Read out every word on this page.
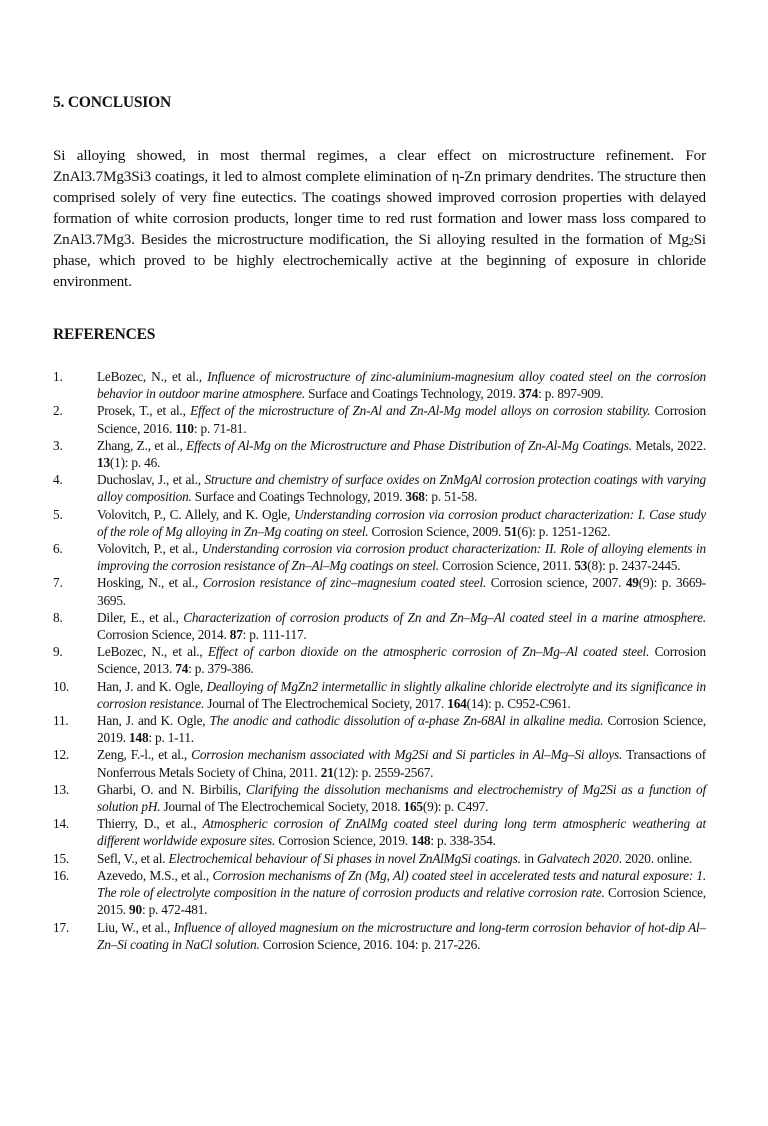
5. CONCLUSION

Si alloying showed, in most thermal regimes, a clear effect on microstructure refinement. For ZnAl3.7Mg3Si3 coatings, it led to almost complete elimination of η-Zn primary dendrites. The structure then comprised solely of very fine eutectics. The coatings showed improved corrosion properties with delayed formation of white corrosion products, longer time to red rust formation and lower mass loss compared to ZnAl3.7Mg3. Besides the microstructure modification, the Si alloying resulted in the formation of $Mg_2Si$ phase, which proved to be highly electrochemically active at the beginning of exposure in chloride environment.

REFERENCES
1.	LeBozec, N., et al., Influence of microstructure of zinc-aluminium-magnesium alloy coated steel on the corrosion behavior in outdoor marine atmosphere. Surface and Coatings Technology, 2019. 374: p. 897-909.
2.	Prosek, T., et al., Effect of the microstructure of Zn-Al and Zn-Al-Mg model alloys on corrosion stability. Corrosion Science, 2016. 110: p. 71-81.
3.	Zhang, Z., et al., Effects of Al-Mg on the Microstructure and Phase Distribution of Zn-Al-Mg Coatings. Metals, 2022. 13(1): p. 46.
4.	Duchoslav, J., et al., Structure and chemistry of surface oxides on ZnMgAl corrosion protection coatings with varying alloy composition. Surface and Coatings Technology, 2019. 368: p. 51-58.
5.	Volovitch, P., C. Allely, and K. Ogle, Understanding corrosion via corrosion product characterization: I. Case study of the role of Mg alloying in Zn–Mg coating on steel. Corrosion Science, 2009. 51(6): p. 1251-1262.
6.	Volovitch, P., et al., Understanding corrosion via corrosion product characterization: II. Role of alloying elements in improving the corrosion resistance of Zn–Al–Mg coatings on steel. Corrosion Science, 2011. 53(8): p. 2437-2445.
7.	Hosking, N., et al., Corrosion resistance of zinc–magnesium coated steel. Corrosion science, 2007. 49(9): p. 3669-3695.
8.	Diler, E., et al., Characterization of corrosion products of Zn and Zn–Mg–Al coated steel in a marine atmosphere. Corrosion Science, 2014. 87: p. 111-117.
9.	LeBozec, N., et al., Effect of carbon dioxide on the atmospheric corrosion of Zn–Mg–Al coated steel. Corrosion Science, 2013. 74: p. 379-386.
10.	Han, J. and K. Ogle, Dealloying of MgZn2 intermetallic in slightly alkaline chloride electrolyte and its significance in corrosion resistance. Journal of The Electrochemical Society, 2017. 164(14): p. C952-C961.
11.	Han, J. and K. Ogle, The anodic and cathodic dissolution of α-phase Zn-68Al in alkaline media. Corrosion Science, 2019. 148: p. 1-11.
12.	Zeng, F.-l., et al., Corrosion mechanism associated with Mg2Si and Si particles in Al–Mg–Si alloys. Transactions of Nonferrous Metals Society of China, 2011. 21(12): p. 2559-2567.
13.	Gharbi, O. and N. Birbilis, Clarifying the dissolution mechanisms and electrochemistry of Mg2Si as a function of solution pH. Journal of The Electrochemical Society, 2018. 165(9): p. C497.
14.	Thierry, D., et al., Atmospheric corrosion of ZnAlMg coated steel during long term atmospheric weathering at different worldwide exposure sites. Corrosion Science, 2019. 148: p. 338-354.
15.	Sefl, V., et al. Electrochemical behaviour of Si phases in novel ZnAlMgSi coatings. in Galvatech 2020. 2020. online.
16.	Azevedo, M.S., et al., Corrosion mechanisms of Zn (Mg, Al) coated steel in accelerated tests and natural exposure: 1. The role of electrolyte composition in the nature of corrosion products and relative corrosion rate. Corrosion Science, 2015. 90: p. 472-481.
17.	Liu, W., et al., Influence of alloyed magnesium on the microstructure and long-term corrosion behavior of hot-dip Al–Zn–Si coating in NaCl solution. Corrosion Science, 2016. 104: p. 217-226.
